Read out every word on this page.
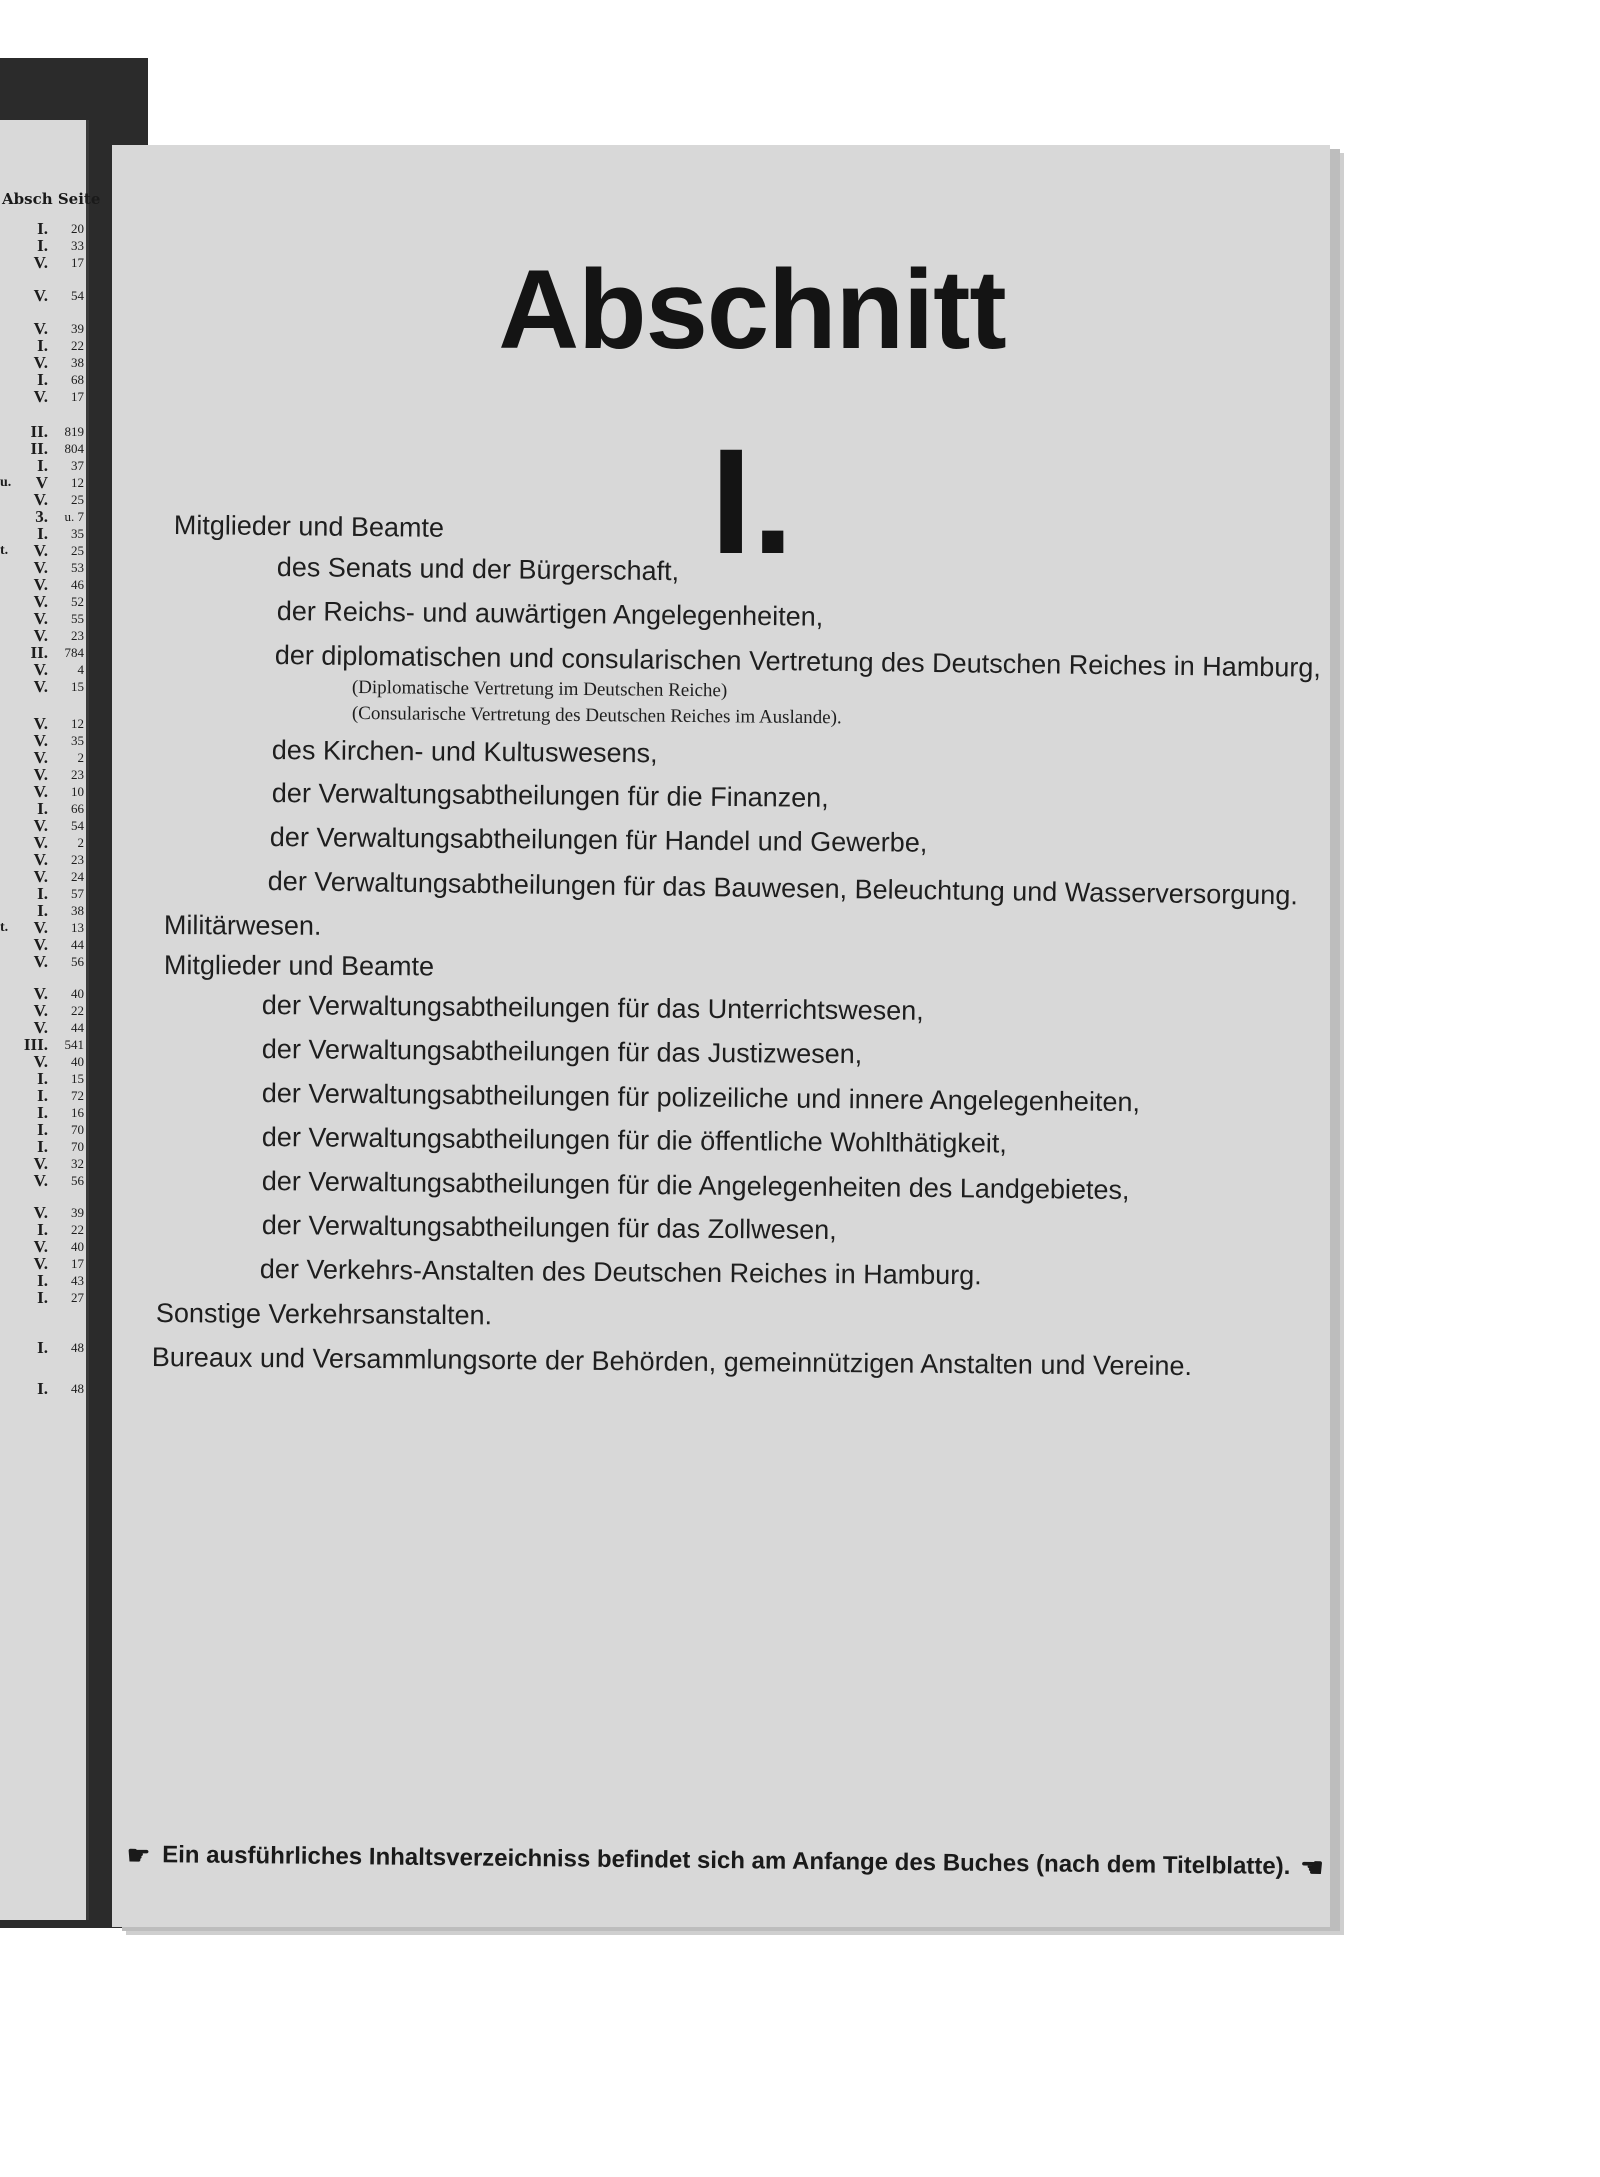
Absch Seite
I. 20
I. 33
V. 17
V. 54
V. 39
I. 22
V. 38
I. 68
V. 17
II. 819
II. 804
I. 37
u. V 12
V. 25
3. u. 7
I. 35
t. V. 25
V. 53
V. 46
V. 52
V. 55
V. 23
II. 784
V. 4
V. 15
V. 12
V. 35
V. 2
V. 23
V. 10
I. 66
V. 54
V. 2
V. 23
V. 24
I. 57
I. 38
t. V. 13
V. 44
V. 56
V. 40
V. 22
V. 44
III. 541
V. 40
I. 15
I. 72
I. 16
I. 70
I. 70
V. 32
V. 56
V. 39
I. 22
V. 40
V. 17
I. 43
I. 27
I. 48
I. 48
Abschnitt
I.
Mitglieder und Beamte
des Senats und der Bürgerschaft,
der Reichs- und auwärtigen Angelegenheiten,
der diplomatischen und consularischen Vertretung des Deutschen Reiches in Hamburg,
(Diplomatische Vertretung im Deutschen Reiche)
(Consularische Vertretung des Deutschen Reiches im Auslande).
des Kirchen- und Kultuswesens,
der Verwaltungsabtheilungen für die Finanzen,
der Verwaltungsabtheilungen für Handel und Gewerbe,
der Verwaltungsabtheilungen für das Bauwesen, Beleuchtung und Wasserversorgung.
Militärwesen.
Mitglieder und Beamte
der Verwaltungsabtheilungen für das Unterrichtswesen,
der Verwaltungsabtheilungen für das Justizwesen,
der Verwaltungsabtheilungen für polizeiliche und innere Angelegenheiten,
der Verwaltungsabtheilungen für die öffentliche Wohlthätigkeit,
der Verwaltungsabtheilungen für die Angelegenheiten des Landgebietes,
der Verwaltungsabtheilungen für das Zollwesen,
der Verkehrs-Anstalten des Deutschen Reiches in Hamburg.
Sonstige Verkehrsanstalten.
Bureaux und Versammlungsorte der Behörden, gemeinnützigen Anstalten und Vereine.
☛ Ein ausführliches Inhaltsverzeichniss befindet sich am Anfange des Buches (nach dem Titelblatte). ☚
